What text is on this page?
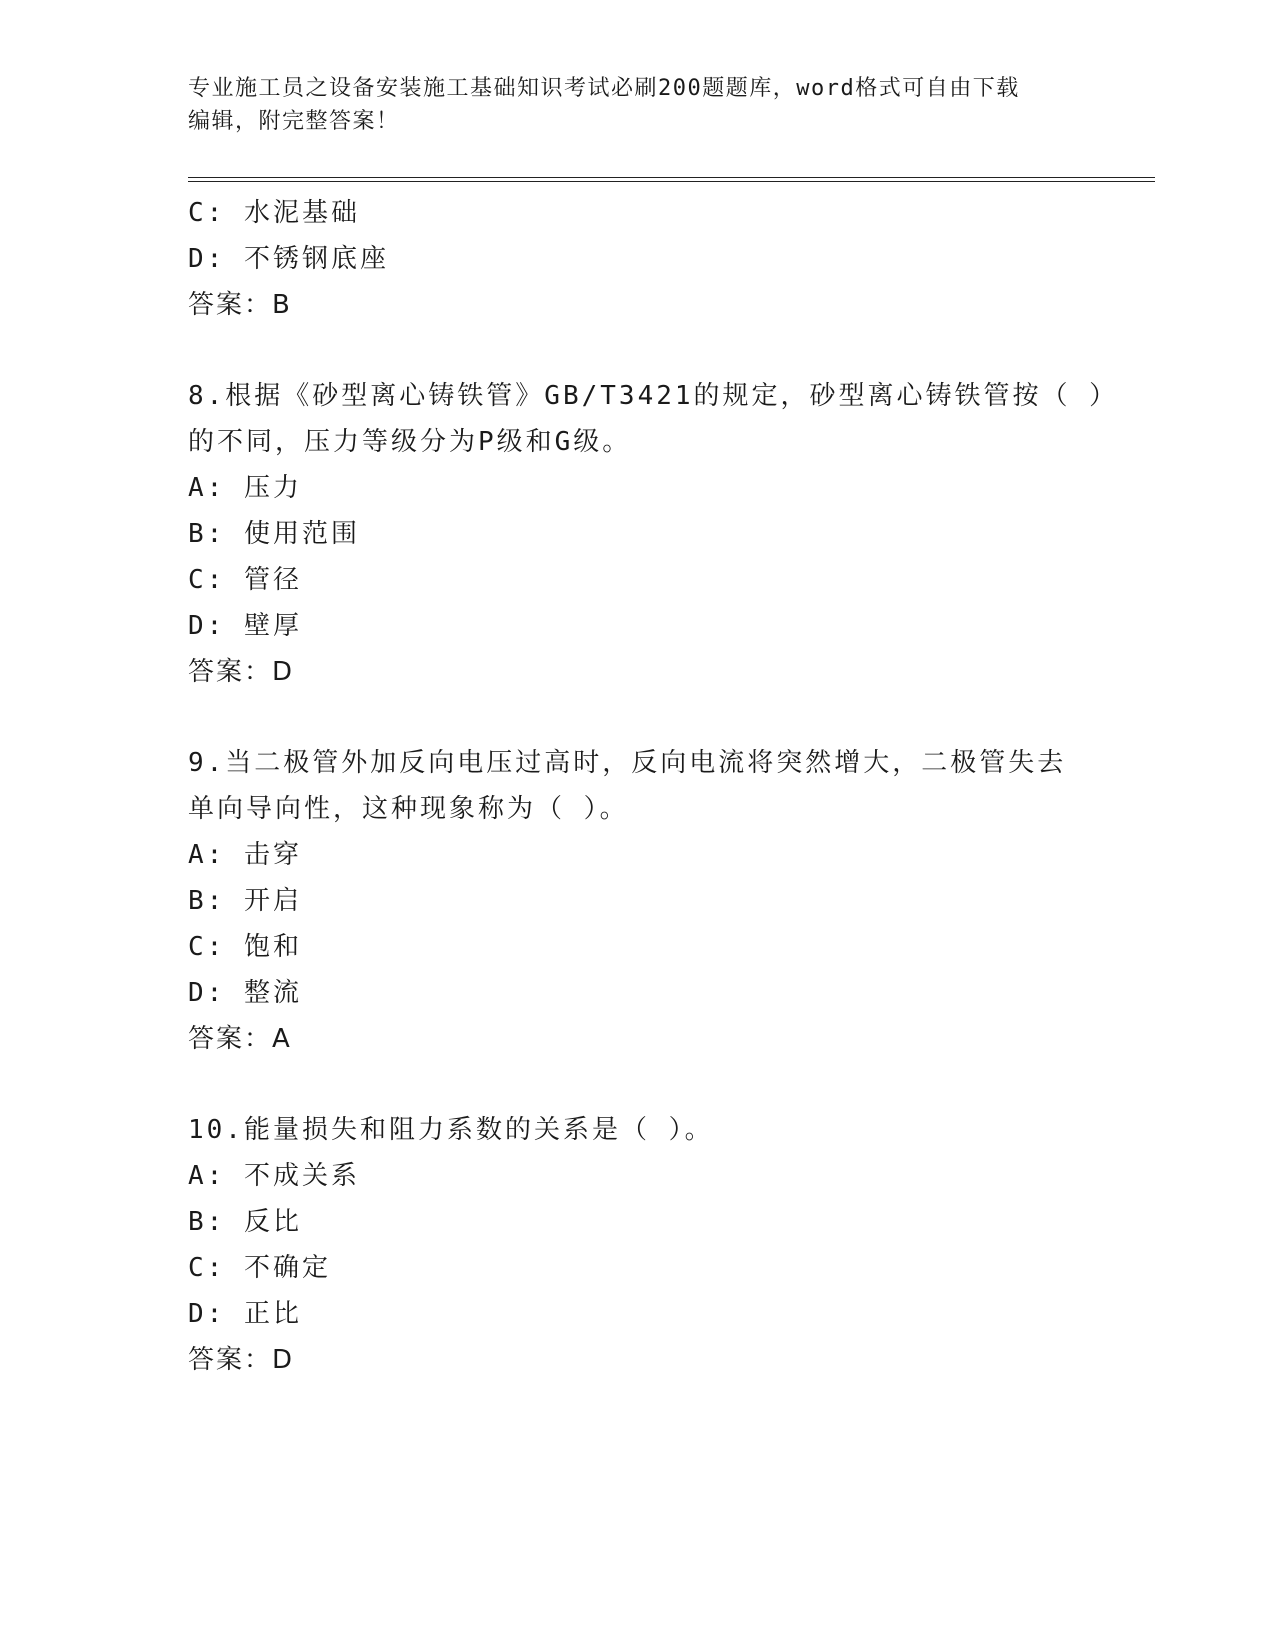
专业施工员之设备安装施工基础知识考试必刷200题题库，word格式可自由下载
编辑，附完整答案！
C: 水泥基础
D: 不锈钢底座
答案：B
8.根据《砂型离心铸铁管》GB/T3421的规定，砂型离心铸铁管按（ ）
的不同，压力等级分为P级和G级。
A: 压力
B: 使用范围
C: 管径
D: 壁厚
答案：D
9.当二极管外加反向电压过高时，反向电流将突然增大，二极管失去
单向导向性，这种现象称为（ ）。
A: 击穿
B: 开启
C: 饱和
D: 整流
答案：A
10.能量损失和阻力系数的关系是（ ）。
A: 不成关系
B: 反比
C: 不确定
D: 正比
答案：D
